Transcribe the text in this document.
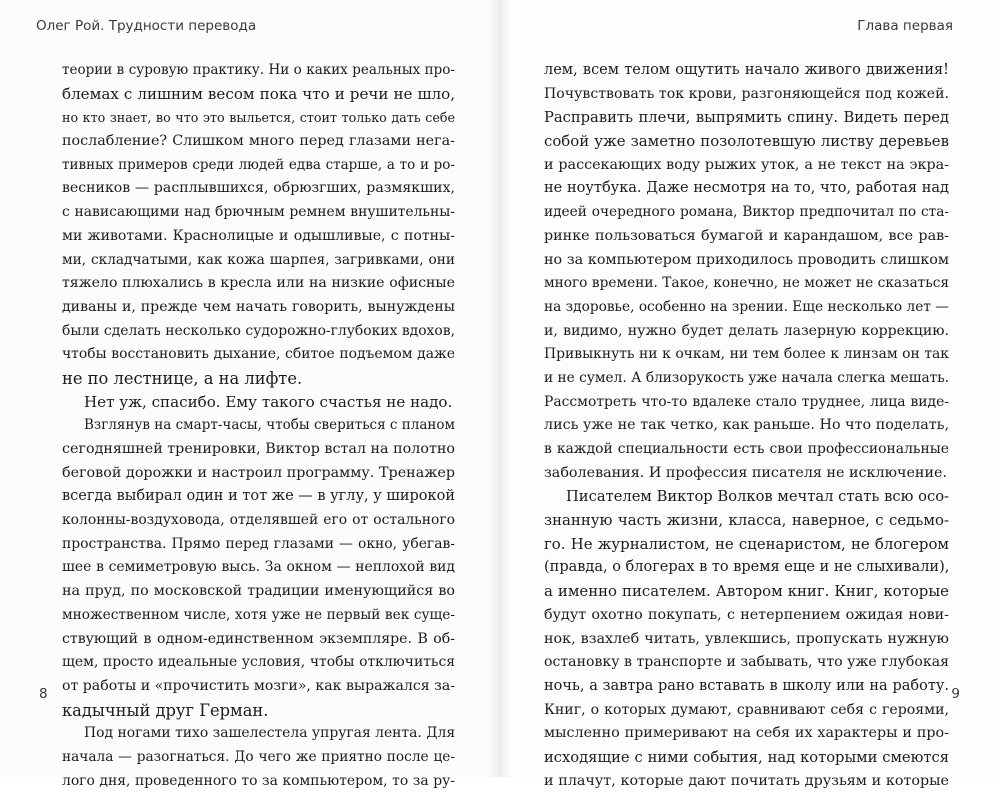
Олег Рой. Трудности перевода
теории в суровую практику. Ни о каких реальных про-
блемах с лишним весом пока что и речи не шло,
но кто знает, во что это выльется, стоит только дать себе
послабление? Слишком много перед глазами нега-
тивных примеров среди людей едва старше, а то и ро-
весников — расплывшихся, обрюзгших, размякших,
с нависающими над брючным ремнем внушительны-
ми животами. Краснолицые и одышливые, с потны-
ми, складчатыми, как кожа шарпея, загривками, они
тяжело плюхались в кресла или на низкие офисные
диваны и, прежде чем начать говорить, вынуждены
были сделать несколько судорожно-глубоких вдохов,
чтобы восстановить дыхание, сбитое подъемом даже
не по лестнице, а на лифте.
Нет уж, спасибо. Ему такого счастья не надо.
Взглянув на смарт-часы, чтобы свериться с планом
сегодняшней тренировки, Виктор встал на полотно
беговой дорожки и настроил программу. Тренажер
всегда выбирал один и тот же — в углу, у широкой
колонны-воздуховода, отделявшей его от остального
пространства. Прямо перед глазами — окно, убегав-
шее в семиметровую высь. За окном — неплохой вид
на пруд, по московской традиции именующийся во
множественном числе, хотя уже не первый век суще-
ствующий в одном-единственном экземпляре. В об-
щем, просто идеальные условия, чтобы отключиться
от работы и «прочистить мозги», как выражался за-
кадычный друг Герман.
Под ногами тихо зашелестела упругая лента. Для
начала — разогнаться. До чего же приятно после це-
лого дня, проведенного то за компьютером, то за ру-
8
Глава первая
лем, всем телом ощутить начало живого движения!
Почувствовать ток крови, разгоняющейся под кожей.
Расправить плечи, выпрямить спину. Видеть перед
собой уже заметно позолотевшую листву деревьев
и рассекающих воду рыжих уток, а не текст на экра-
не ноутбука. Даже несмотря на то, что, работая над
идеей очередного романа, Виктор предпочитал по ста-
ринке пользоваться бумагой и карандашом, все рав-
но за компьютером приходилось проводить слишком
много времени. Такое, конечно, не может не сказаться
на здоровье, особенно на зрении. Еще несколько лет —
и, видимо, нужно будет делать лазерную коррекцию.
Привыкнуть ни к очкам, ни тем более к линзам он так
и не сумел. А близорукость уже начала слегка мешать.
Рассмотреть что-то вдалеке стало труднее, лица виде-
лись уже не так четко, как раньше. Но что поделать,
в каждой специальности есть свои профессиональные
заболевания. И профессия писателя не исключение.
Писателем Виктор Волков мечтал стать всю осо-
знанную часть жизни, класса, наверное, с седьмо-
го. Не журналистом, не сценаристом, не блогером
(правда, о блогерах в то время еще и не слыхивали),
а именно писателем. Автором книг. Книг, которые
будут охотно покупать, с нетерпением ожидая нови-
нок, взахлеб читать, увлекшись, пропускать нужную
остановку в транспорте и забывать, что уже глубокая
ночь, а завтра рано вставать в школу или на работу.
Книг, о которых думают, сравнивают себя с героями,
мысленно примеривают на себя их характеры и про-
исходящие с ними события, над которыми смеются
и плачут, которые дают почитать друзьям и которые
9
